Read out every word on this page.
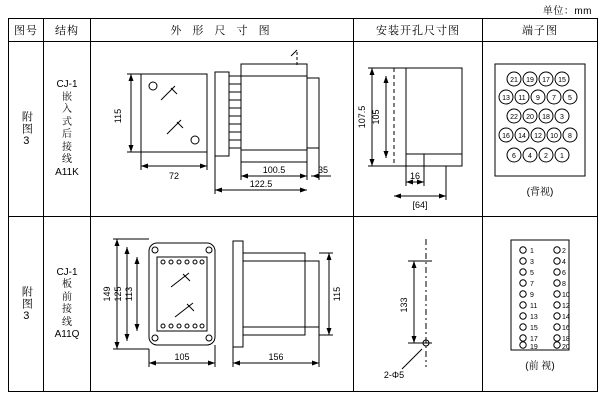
单位：mm
图号	结构	外 形 尺 寸 图	安装开孔尺寸图	端子图

附图3

CJ-1
嵌
入
式
后
接
线
A11K

115
72
100.5
122.5
35

107.5 105
16
[64]

21 19 17 15
13 11 9 7 5
22 20 18 3
16 14 12 10 8
6 4 2 1
(背视)

附图3

CJ-1
板
前
接
线
A11Q

149 125 113
105	156
115

133
2-Φ5

1	2
3	4
5	6
7	8
9	10
11	12
13	14
15	16
17	18
19	20
(前 视)
